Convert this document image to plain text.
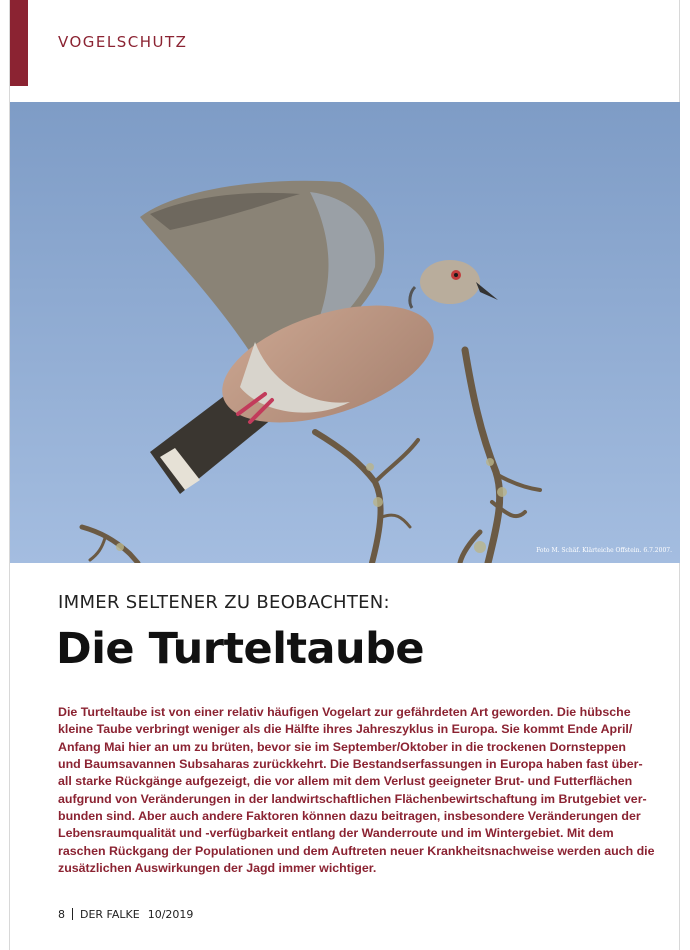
VOGELSCHUTZ
Foto M. Schäf. Klärteiche Offstein. 6.7.2007.
IMMER SELTENER ZU BEOBACHTEN:
Die Turteltaube

Die Turteltaube ist von einer relativ häufigen Vogelart zur gefährdeten Art geworden. Die hübsche
kleine Taube verbringt weniger als die Hälfte ihres Jahreszyklus in Europa. Sie kommt Ende April/
Anfang Mai hier an um zu brüten, bevor sie im September/Oktober in die trockenen Dornsteppen
und Baumsavannen Subsaharas zurückkehrt. Die Bestandserfassungen in Europa haben fast über-
all starke Rückgänge aufgezeigt, die vor allem mit dem Verlust geeigneter Brut- und Futterflächen
aufgrund von Veränderungen in der landwirtschaftlichen Flächenbewirtschaftung im Brutgebiet ver-
bunden sind. Aber auch andere Faktoren können dazu beitragen, insbesondere Veränderungen der
Lebensraumqualität und -verfügbarkeit entlang der Wanderroute und im Wintergebiet. Mit dem
raschen Rückgang der Populationen und dem Auftreten neuer Krankheitsnachweise werden auch die
zusätzlichen Auswirkungen der Jagd immer wichtiger.

8 DER FALKE 10/2019
